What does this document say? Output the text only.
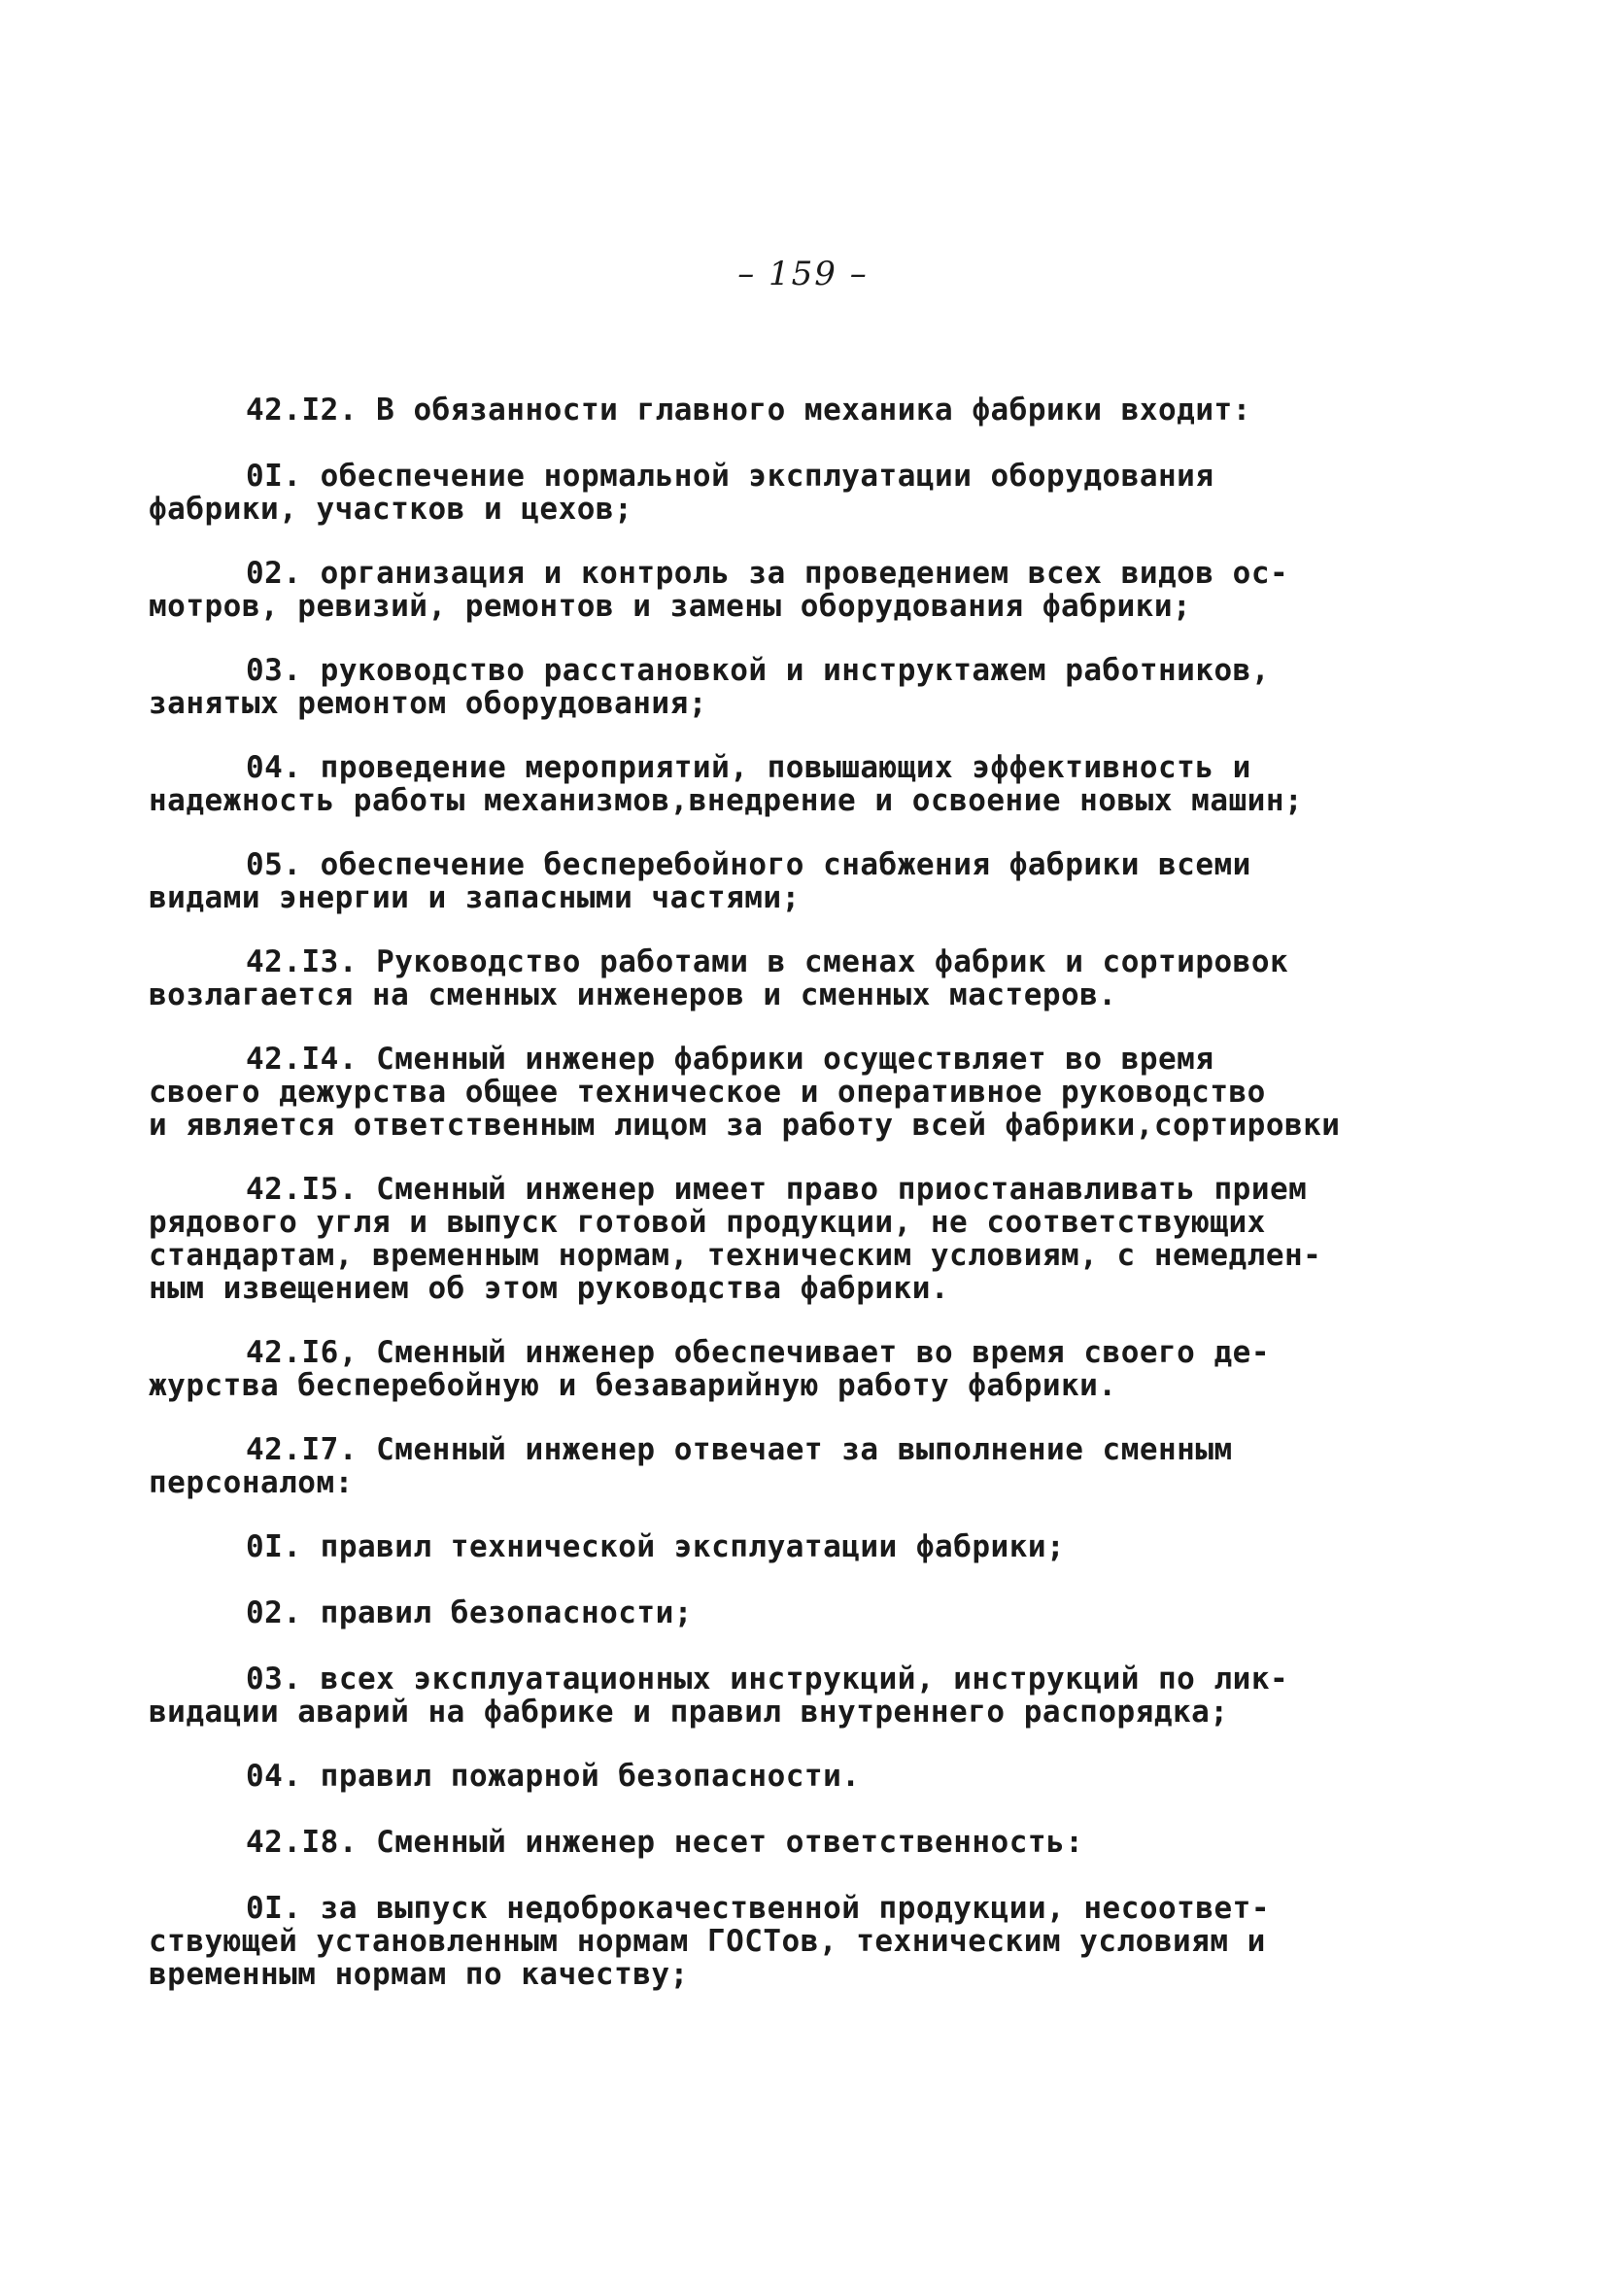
– 159 –

42.I2. В обязанности главного механика фабрики входит:

0I. обеспечение нормальной эксплуатации оборудования
фабрики, участков и цехов;

02. организация и контроль за проведением всех видов ос-
мотров, ревизий, ремонтов и замены оборудования фабрики;

03. руководство расстановкой и инструктажем работников,
занятых ремонтом оборудования;

04. проведение мероприятий, повышающих эффективность и
надежность работы механизмов,внедрение и освоение новых машин;

05. обеспечение бесперебойного снабжения фабрики всеми
видами энергии и запасными частями;

42.I3. Руководство работами в сменах фабрик и сортировок
возлагается на сменных инженеров и сменных мастеров.

42.I4. Сменный инженер фабрики осуществляет во время
своего дежурства общее техническое и оперативное руководство
и является ответственным лицом за работу всей фабрики,сортировки

42.I5. Сменный инженер имеет право приостанавливать прием
рядового угля и выпуск готовой продукции, не соответствующих
стандартам, временным нормам, техническим условиям, с немедлен-
ным извещением об этом руководства фабрики.

42.I6, Сменный инженер обеспечивает во время своего де-
журства бесперебойную и безаварийную работу фабрики.

42.I7. Сменный инженер отвечает за выполнение сменным
персоналом:

0I. правил технической эксплуатации фабрики;

02. правил безопасности;

03. всех эксплуатационных инструкций, инструкций по лик-
видации аварий на фабрике и правил внутреннего распорядка;

04. правил пожарной безопасности.

42.I8. Сменный инженер несет ответственность:

0I. за выпуск недоброкачественной продукции, несоответ-
ствующей установленным нормам ГОСТов, техническим условиям и
временным нормам по качеству;
